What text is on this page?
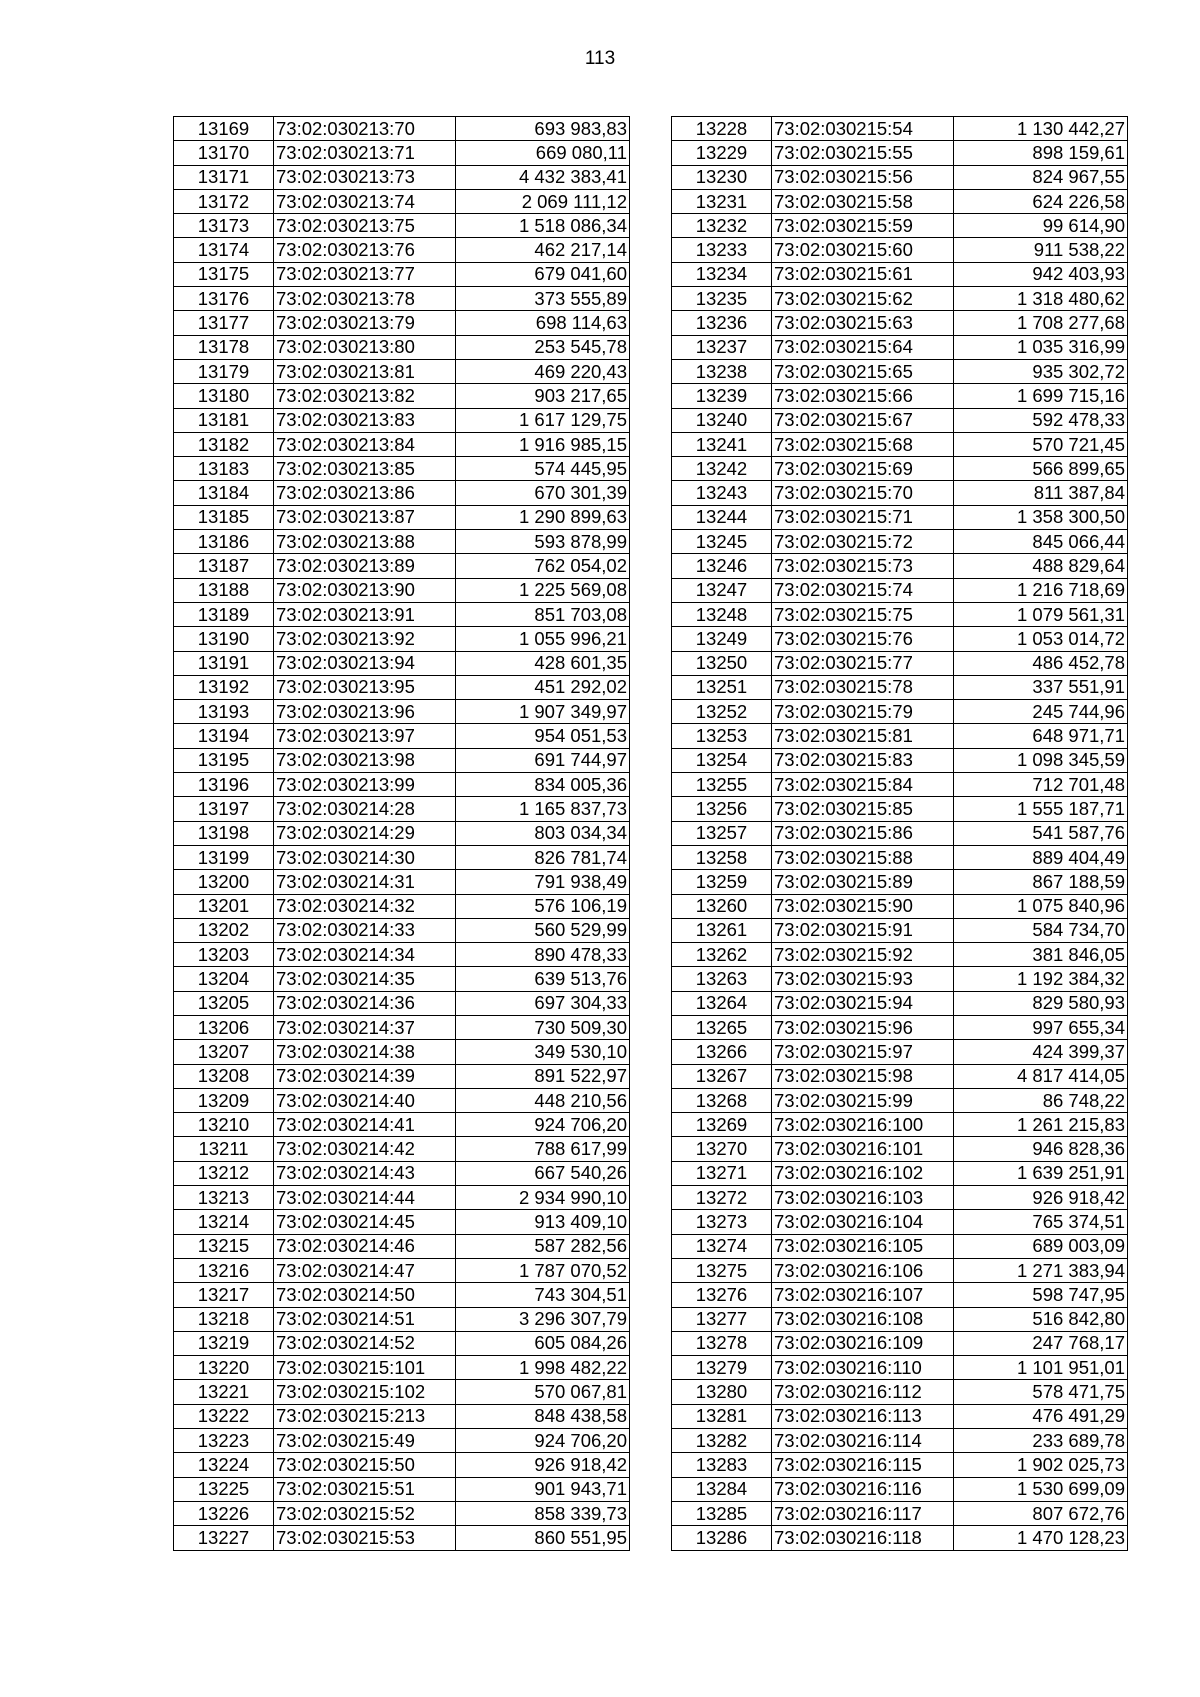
113
13169	73:02:030213:70	693 983,83
13170	73:02:030213:71	669 080,11
13171	73:02:030213:73	4 432 383,41
13172	73:02:030213:74	2 069 111,12
13173	73:02:030213:75	1 518 086,34
13174	73:02:030213:76	462 217,14
13175	73:02:030213:77	679 041,60
13176	73:02:030213:78	373 555,89
13177	73:02:030213:79	698 114,63
13178	73:02:030213:80	253 545,78
13179	73:02:030213:81	469 220,43
13180	73:02:030213:82	903 217,65
13181	73:02:030213:83	1 617 129,75
13182	73:02:030213:84	1 916 985,15
13183	73:02:030213:85	574 445,95
13184	73:02:030213:86	670 301,39
13185	73:02:030213:87	1 290 899,63
13186	73:02:030213:88	593 878,99
13187	73:02:030213:89	762 054,02
13188	73:02:030213:90	1 225 569,08
13189	73:02:030213:91	851 703,08
13190	73:02:030213:92	1 055 996,21
13191	73:02:030213:94	428 601,35
13192	73:02:030213:95	451 292,02
13193	73:02:030213:96	1 907 349,97
13194	73:02:030213:97	954 051,53
13195	73:02:030213:98	691 744,97
13196	73:02:030213:99	834 005,36
13197	73:02:030214:28	1 165 837,73
13198	73:02:030214:29	803 034,34
13199	73:02:030214:30	826 781,74
13200	73:02:030214:31	791 938,49
13201	73:02:030214:32	576 106,19
13202	73:02:030214:33	560 529,99
13203	73:02:030214:34	890 478,33
13204	73:02:030214:35	639 513,76
13205	73:02:030214:36	697 304,33
13206	73:02:030214:37	730 509,30
13207	73:02:030214:38	349 530,10
13208	73:02:030214:39	891 522,97
13209	73:02:030214:40	448 210,56
13210	73:02:030214:41	924 706,20
13211	73:02:030214:42	788 617,99
13212	73:02:030214:43	667 540,26
13213	73:02:030214:44	2 934 990,10
13214	73:02:030214:45	913 409,10
13215	73:02:030214:46	587 282,56
13216	73:02:030214:47	1 787 070,52
13217	73:02:030214:50	743 304,51
13218	73:02:030214:51	3 296 307,79
13219	73:02:030214:52	605 084,26
13220	73:02:030215:101	1 998 482,22
13221	73:02:030215:102	570 067,81
13222	73:02:030215:213	848 438,58
13223	73:02:030215:49	924 706,20
13224	73:02:030215:50	926 918,42
13225	73:02:030215:51	901 943,71
13226	73:02:030215:52	858 339,73
13227	73:02:030215:53	860 551,95
13228	73:02:030215:54	1 130 442,27
13229	73:02:030215:55	898 159,61
13230	73:02:030215:56	824 967,55
13231	73:02:030215:58	624 226,58
13232	73:02:030215:59	99 614,90
13233	73:02:030215:60	911 538,22
13234	73:02:030215:61	942 403,93
13235	73:02:030215:62	1 318 480,62
13236	73:02:030215:63	1 708 277,68
13237	73:02:030215:64	1 035 316,99
13238	73:02:030215:65	935 302,72
13239	73:02:030215:66	1 699 715,16
13240	73:02:030215:67	592 478,33
13241	73:02:030215:68	570 721,45
13242	73:02:030215:69	566 899,65
13243	73:02:030215:70	811 387,84
13244	73:02:030215:71	1 358 300,50
13245	73:02:030215:72	845 066,44
13246	73:02:030215:73	488 829,64
13247	73:02:030215:74	1 216 718,69
13248	73:02:030215:75	1 079 561,31
13249	73:02:030215:76	1 053 014,72
13250	73:02:030215:77	486 452,78
13251	73:02:030215:78	337 551,91
13252	73:02:030215:79	245 744,96
13253	73:02:030215:81	648 971,71
13254	73:02:030215:83	1 098 345,59
13255	73:02:030215:84	712 701,48
13256	73:02:030215:85	1 555 187,71
13257	73:02:030215:86	541 587,76
13258	73:02:030215:88	889 404,49
13259	73:02:030215:89	867 188,59
13260	73:02:030215:90	1 075 840,96
13261	73:02:030215:91	584 734,70
13262	73:02:030215:92	381 846,05
13263	73:02:030215:93	1 192 384,32
13264	73:02:030215:94	829 580,93
13265	73:02:030215:96	997 655,34
13266	73:02:030215:97	424 399,37
13267	73:02:030215:98	4 817 414,05
13268	73:02:030215:99	86 748,22
13269	73:02:030216:100	1 261 215,83
13270	73:02:030216:101	946 828,36
13271	73:02:030216:102	1 639 251,91
13272	73:02:030216:103	926 918,42
13273	73:02:030216:104	765 374,51
13274	73:02:030216:105	689 003,09
13275	73:02:030216:106	1 271 383,94
13276	73:02:030216:107	598 747,95
13277	73:02:030216:108	516 842,80
13278	73:02:030216:109	247 768,17
13279	73:02:030216:110	1 101 951,01
13280	73:02:030216:112	578 471,75
13281	73:02:030216:113	476 491,29
13282	73:02:030216:114	233 689,78
13283	73:02:030216:115	1 902 025,73
13284	73:02:030216:116	1 530 699,09
13285	73:02:030216:117	807 672,76
13286	73:02:030216:118	1 470 128,23
